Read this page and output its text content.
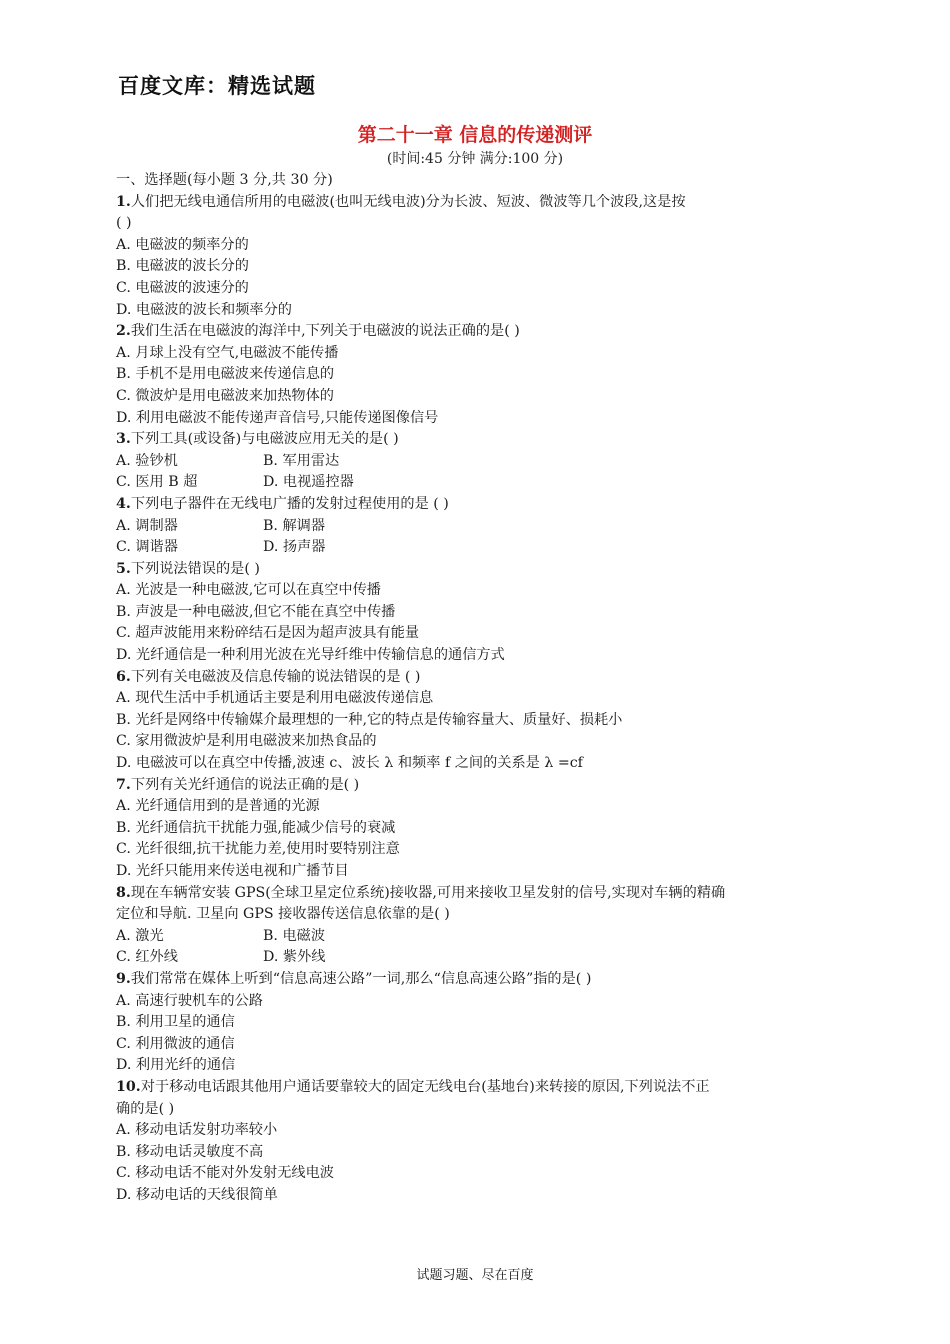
百度文库：精选试题
第二十一章 信息的传递测评
(时间:45 分钟 满分:100 分)
一、选择题(每小题 3 分,共 30 分)
1.人们把无线电通信所用的电磁波(也叫无线电波)分为长波、短波、微波等几个波段,这是按
( )
A. 电磁波的频率分的
B. 电磁波的波长分的
C. 电磁波的波速分的
D. 电磁波的波长和频率分的
2.我们生活在电磁波的海洋中,下列关于电磁波的说法正确的是( )
A. 月球上没有空气,电磁波不能传播
B. 手机不是用电磁波来传递信息的
C. 微波炉是用电磁波来加热物体的
D. 利用电磁波不能传递声音信号,只能传递图像信号
3.下列工具(或设备)与电磁波应用无关的是( )
A. 验钞机	B. 军用雷达
C. 医用 B 超	D. 电视遥控器
4.下列电子器件在无线电广播的发射过程使用的是 ( )
A. 调制器	B. 解调器
C. 调谐器	D. 扬声器
5.下列说法错误的是( )
A. 光波是一种电磁波,它可以在真空中传播
B. 声波是一种电磁波,但它不能在真空中传播
C. 超声波能用来粉碎结石是因为超声波具有能量
D. 光纤通信是一种利用光波在光导纤维中传输信息的通信方式
6.下列有关电磁波及信息传输的说法错误的是 ( )
A. 现代生活中手机通话主要是利用电磁波传递信息
B. 光纤是网络中传输媒介最理想的一种,它的特点是传输容量大、质量好、损耗小
C. 家用微波炉是利用电磁波来加热食品的
D. 电磁波可以在真空中传播,波速 c、波长 λ 和频率 f 之间的关系是 λ =cf
7.下列有关光纤通信的说法正确的是( )
A. 光纤通信用到的是普通的光源
B. 光纤通信抗干扰能力强,能减少信号的衰减
C. 光纤很细,抗干扰能力差,使用时要特别注意
D. 光纤只能用来传送电视和广播节目
8.现在车辆常安装 GPS(全球卫星定位系统)接收器,可用来接收卫星发射的信号,实现对车辆的精确
定位和导航. 卫星向 GPS 接收器传送信息依靠的是( )
A. 激光	B. 电磁波
C. 红外线	D. 紫外线
9.我们常常在媒体上听到“信息高速公路”一词,那么“信息高速公路”指的是( )
A. 高速行驶机车的公路
B. 利用卫星的通信
C. 利用微波的通信
D. 利用光纤的通信
10.对于移动电话跟其他用户通话要靠较大的固定无线电台(基地台)来转接的原因,下列说法不正
确的是( )
A. 移动电话发射功率较小
B. 移动电话灵敏度不高
C. 移动电话不能对外发射无线电波
D. 移动电话的天线很简单
试题习题、尽在百度
